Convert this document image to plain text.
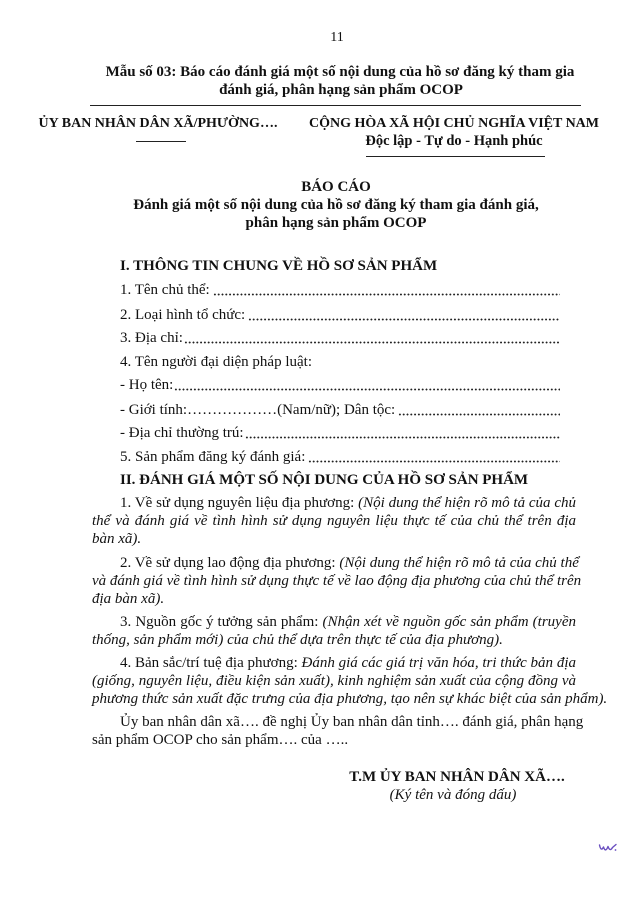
11
Mẫu số 03: Báo cáo đánh giá một số nội dung của hồ sơ đăng ký tham gia
đánh giá, phân hạng sản phẩm OCOP
ỦY BAN NHÂN DÂN XÃ/PHƯỜNG….	CỘNG HÒA XÃ HỘI CHỦ NGHĨA VIỆT NAM
Độc lập - Tự do - Hạnh phúc
BÁO CÁO
Đánh giá một số nội dung của hồ sơ đăng ký tham gia đánh giá,
phân hạng sản phẩm OCOP
I. THÔNG TIN CHUNG VỀ HỒ SƠ SẢN PHẨM
1. Tên chủ thể:
2. Loại hình tổ chức:
3. Địa chỉ:
4. Tên người đại diện pháp luật:
- Họ tên:
- Giới tính:………………(Nam/nữ); Dân tộc:
- Địa chỉ thường trú:
5. Sản phẩm đăng ký đánh giá:
II. ĐÁNH GIÁ MỘT SỐ NỘI DUNG CỦA HỒ SƠ SẢN PHẨM
1. Về sử dụng nguyên liệu địa phương: (Nội dung thể hiện rõ mô tả của chủ
thể và đánh giá về tình hình sử dụng nguyên liệu thực tế của chủ thể trên địa
bàn xã).
2. Về sử dụng lao động địa phương: (Nội dung thể hiện rõ mô tả của chủ thể
và đánh giá về tình hình sử dụng thực tế về lao động địa phương của chủ thể trên
địa bàn xã).
3. Nguồn gốc ý tưởng sản phẩm: (Nhận xét về nguồn gốc sản phẩm (truyền
thống, sản phẩm mới) của chủ thể dựa trên thực tế của địa phương).
4. Bản sắc/trí tuệ địa phương: Đánh giá các giá trị văn hóa, tri thức bản địa
(giống, nguyên liệu, điều kiện sản xuất), kinh nghiệm sản xuất của cộng đồng và
phương thức sản xuất đặc trưng của địa phương, tạo nên sự khác biệt của sản phẩm).
Ủy ban nhân dân xã…. đề nghị Ủy ban nhân dân tỉnh…. đánh giá, phân hạng
sản phẩm OCOP cho sản phẩm…. của …..
T.M ỦY BAN NHÂN DÂN XÃ….
(Ký tên và đóng dấu)
